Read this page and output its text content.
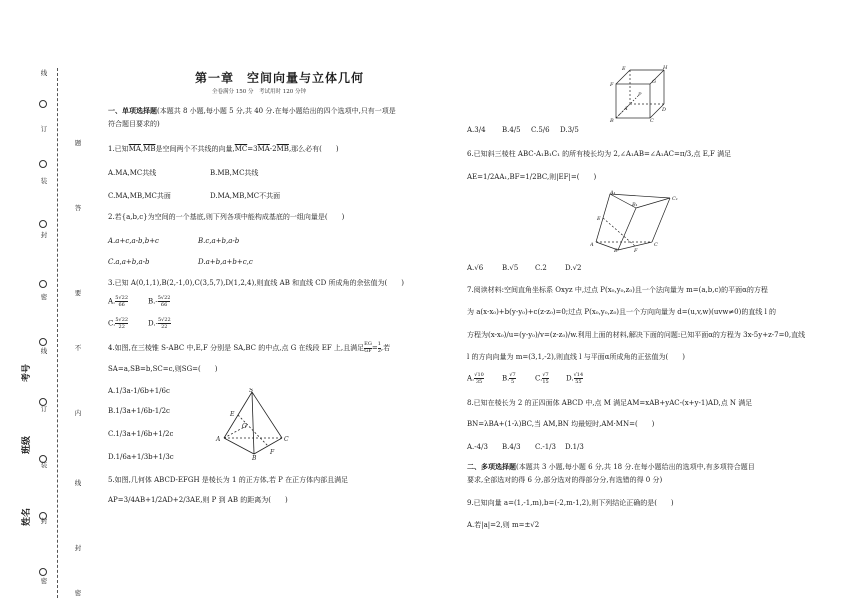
线
订
装
封
密
线
订
装
封
密
题
答
要
不
内
线
封
密
考号
班级
姓名
第一章　空间向量与立体几何
全卷满分 150 分　考试用时 120 分钟
一、单项选择题(本题共 8 小题,每小题 5 分,共 40 分.在每小题给出的四个选项中,只有一项是
符合题目要求的)
1.已知$\overline{MA},\overline{MB}$是空间两个不共线的向量$,\overline{MC}=3\overline{MA}-2\overline{MB}$,那么必有(　　)
A.MA,MC共线	B.MB,MC共线
C.MA,MB,MC共面	D.MA,MB,MC不共面
2.若{a,b,c}为空间的一个基底,则下列各项中能构成基底的一组向量是(　　)
A.a+c,a-b,b+c	B.c,a+b,a-b
C.a,a+b,a-b	D.a+b,a+b+c,c
3.已知 A(0,1,1),B(2,-1,0),C(3,5,7),D(1,2,4),则直线 AB 和直线 CD 所成角的余弦值为(　　)
A. $\frac{5√22}{66}$	$B.- \frac{5√22}{66}$
C. $\frac{5√22}{22}$	$D.- \frac{5√22}{22}$
4.如图,在三棱锥 S-ABC 中,E,F 分别是 SA,BC 的中点,点 G 在线段 EF 上,且满足 $\frac{EG}{GF} = \frac{1}{2}$ ,若
SA=a,SB=b,SC=c,则SG=(　　)
A.1/3a-1/6b+1/6c
B.1/3a+1/6b-1/2c
C.1/3a+1/6b+1/2c
D.1/6a+1/3b+1/3c
S
E
G
A
B
C
F
5.如图,几何体 ABCD-EFGH 是棱长为 1 的正方体,若 P 在正方体内部且满足
AP=3/4AB+1/2AD+2/3AE,则 P 到 AB 的距离为(　　)
E	H
F	G
P
A	D
B	C
A.3/4 B.4/5 C.5/6 D.3/5
6.已知斜三棱柱 ABC-A₁B₁C₁ 的所有棱长均为 2,∠A₁AB=∠A₁AC=π/3,点 E,F 满足
AE=1/2AA₁,BF=1/2BC,则|EF|=(　　)
A₁
B₁
C₁
E
A
F
B
C
A.√6	B.√5 C.2	D.√2
7.阅读材料:空间直角坐标系 Oxyz 中,过点 P(x₀,y₀,z₀)且一个法向量为 m=(a,b,c)的平面α的方程
为 a(x-x₀)+b(y-y₀)+c(z-z₀)=0;过点 P(x₀,y₀,z₀)且一个方向向量为 d=(u,v,w)(uvw≠0)的直线 l 的
方程为(x-x₀)/u=(y-y₀)/v=(z-z₀)/w.利用上面的材料,解决下面的问题:已知平面α的方程为 3x-5y+z-7=0,直线
l 的方向向量为 m=(3,1,-2),则直线 l 与平面α所成角的正弦值为(　　)
A. $\frac{√10}{35}$	B. $\frac{√7}{5}$	C. $\frac{√7}{15} D$. $\frac{√14}{55}$
8.已知在棱长为 2 的正四面体 ABCD 中,点 M 满足AM=xAB+yAC-(x+y-1)AD,点 N 满足
BN=λBA+(1-λ)BC,当 AM,BN 均最短时,AM·MN=(　　)
A.-4/3 B.4/3 C.-1/3 D.1/3
二、多项选择题(本题共 3 小题,每小题 6 分,共 18 分.在每小题给出的选项中,有多项符合题目
要求,全部选对的得 6 分,部分选对的得部分分,有选错的得 0 分)
9.已知向量 a=(1,-1,m),b=(-2,m-1,2),则下列结论正确的是(　　)
A.若|a|=2,则 m=±√2
